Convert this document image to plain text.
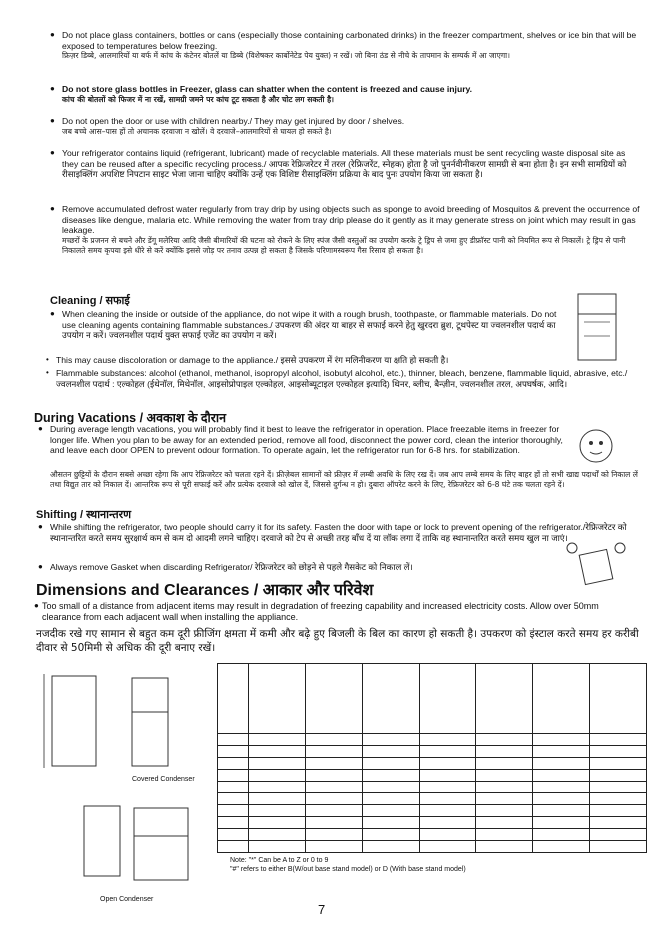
● Do not place glass containers, bottles or cans (especially those containing carbonated drinks) in the freezer compartment, shelves or ice bin that will be exposed to temperatures below freezing.

फ्रिज़र डिब्बे, आलमारियों या बर्फ में कांच के कंटेनर बोतलें या डिब्बे (विशेषकर कार्बोनेटेड पेय युक्त) न रखें। जो बिना ठंड से नीचे के तापमान के सम्पर्क में आ जाएगा।

● Do not store glass bottles in Freezer, glass can shatter when the content is freezed and cause injury.

कांच की बोतलों को फिजर में ना रखें, सामग्री जमने पर कांच टूट सकता है और चोट लग सकती है।

● Do not open the door or use with children nearby./ They may get injured by door / shelves.

जब बच्चे आस–पास हों तो अचानक दरवाजा न खोलें। वे दरवाजे–आलमारियों से घायल हो सकते है।

● Your refrigerator contains liquid (refrigerant, lubricant) made of recyclable materials. All these materials must be sent recycling waste disposal site as they can be reused after a specific recycling process./ आपक रेफ्रिजरेटर में तरल (रेफ्रिजरेंट, स्नेहक) होता है जो पुनर्नवीनीकरण सामग्री से बना होता है। इन सभी सामग्रियों को रीसाइक्लिंग अपशिष्ट निपटान साइट भेजा जाना चाहिए क्योंकि उन्हें एक विशिष्ट रीसाइक्लिंग प्रक्रिया के बाद पुनः उपयोग किया जा सकता है।

● Remove accumulated defrost water regularly from tray drip by using objects such as sponge to avoid breeding of Mosquitos & prevent the occurrence of diseases like dengue, malaria etc. While removing the water from tray drip please do it gently as it may generate stress on joint which may result in gas leakage.

मच्छरों के प्रजनन से बचने और डेंगू मलेरिया आदि जैसी बीमारियों की घटना को रोकने के लिए स्पंज जैसी वस्तुओं का उपयोग करके ट्रे ड्रिप से जमा हुए डीफ्रॉस्ट पानी को नियमित रूप से निकालें। ट्रे ड्रिप से पानी निकालते समय कृपया इसे धीरे से करें क्योंकि इससे जोड़ पर तनाव उत्पन्न हो सकता है जिसके परिणामस्वरूप गैस रिसाव हो सकता है।

Cleaning / सफाई
● When cleaning the inside or outside of the appliance, do not wipe it with a rough brush, toothpaste, or flammable materials. Do not use cleaning agents containing flammable substances./ उपकरण की अंदर या बाहर से सफाई करने हेतु खुरदरा ब्रुश, टूथपेस्ट या ज्वलनशील पदार्थ का उपयोग न करें। ज्वलनशील पदार्थ युक्त सफाई एजेंट का उपयोग न करें।

• This may cause discoloration or damage to the appliance./ इससे उपकरण में रंग मलिनीकरण या क्षति हो सकती है।

• Flammable substances: alcohol (ethanol, methanol, isopropyl alcohol, isobutyl alcohol, etc.), thinner, bleach, benzene, flammable liquid, abrasive, etc./ज्वलनशील पदार्थ : एल्कोहल (ईथेनॉल, मिथेनॉल, आइसोप्रोपाइल एल्कोहल, आइसोब्यूटाइल एल्कोहल इत्यादि) थिनर, ब्लीच, बैन्ज़ीन, ज्वलनशील तरल, अपघर्षक, आदि।

During Vacations / अवकाश के दौरान
● During average length vacations, you will probably find it best to leave the refrigerator in operation. Place freezable items in freezer for longer life. When you plan to be away for an extended period, remove all food, disconnect the power cord, clean the interior thoroughly, and leave each door OPEN to prevent odour formation. To operate again, let the refrigerator run for 6-8 hrs. for stabilization.

औसतन छुट्टियों के दौरान सबसे अच्छा रहेगा कि आप रेफ्रिजरेटर को चलता रहने दें। फ्रीज़ेबल सामानों को फ्रीज़र में लम्बी अवधि के लिए रख दें। जब आप लम्बे समय के लिए बाहर हों तो सभी खाद्य पदार्थों को निकाल लें तथा विद्युत तार को निकाल दें। आन्तरिक रूप से पूरी सफाई करें और प्रत्येक दरवाजे को खोल दें, जिससे दुर्गन्ध न हो। दुबारा ऑपरेट करने के लिए, रेफ्रिजरेटर को 6-8 घंटे तक चलता रहने दें।
Shifting / स्थानान्तरण
● While shifting the refrigerator, two people should carry it for its safety. Fasten the door with tape or lock to prevent opening of the refrigerator./रेफ्रिजरेटर को स्थानान्तरित करते समय सुरक्षार्थ कम से कम दो आदमी लगने चाहिए। दरवाजे को टेप से अच्छी तरह बाँध दें या लॉक लगा दें ताकि वह स्थानान्तरित करते समय खुल ना जाएं।

● Always remove Gasket when discarding Refrigerator/ रेफ्रिजरेटर को छोड़ने से पहले गैसकेट को निकाल लें।

Dimensions and Clearances / आकार और परिवेश
● Too small of a distance from adjacent items may result in degradation of freezing capability and increased electricity costs. Allow over 50mm clearance from each adjacent wall when installing the appliance.

नजदीक रखे गए सामान से बहुत कम दूरी फ्रीजिंग क्षमता में कमी और बढ़े हुए बिजली के बिल का कारण हो सकती है। उपकरण को इंस्टाल करते समय हर करीबी दीवार से 50मिमी से अधिक की दूरी बनाए रखें।
Covered Condenser
Open Condenser

Note: "*" Can be A to Z or 0 to 9
"#" refers to either B(W/out base stand model) or D (With base stand model)
7
